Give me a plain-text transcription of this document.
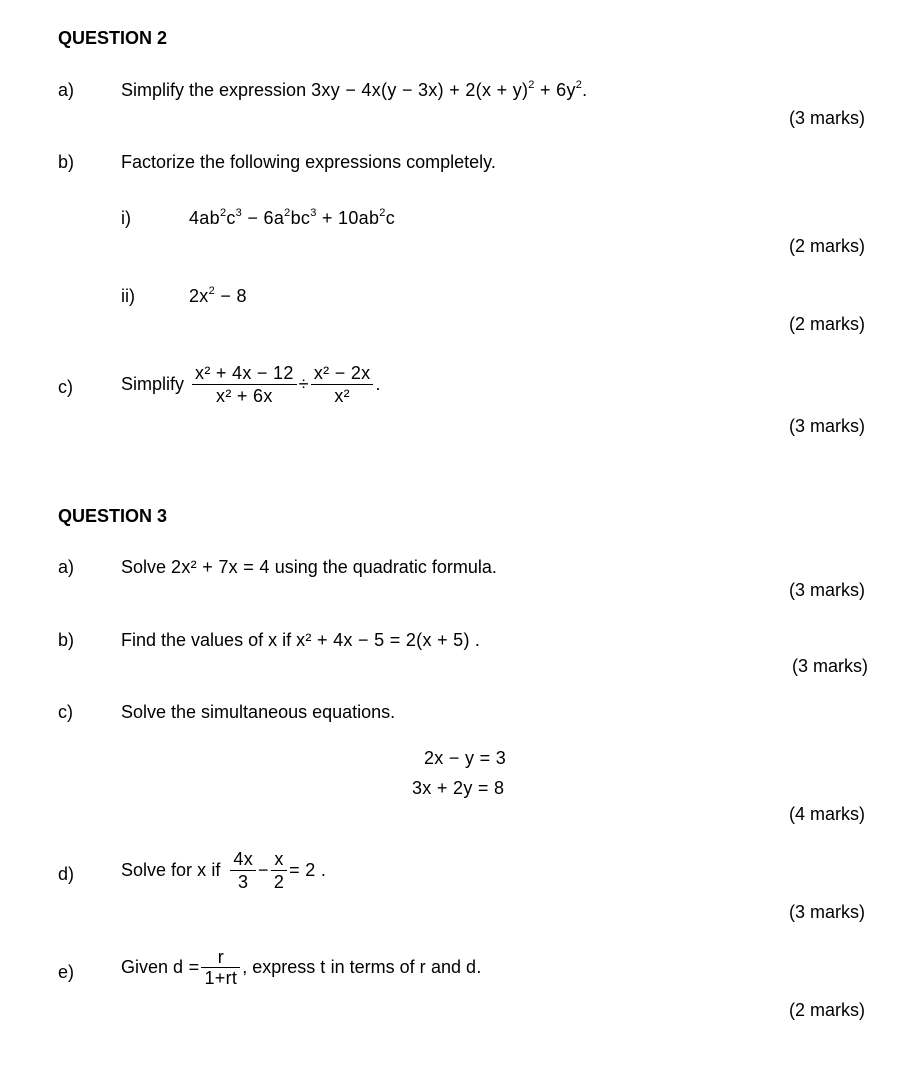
QUESTION 2
a)	Simplify the expression
$3xy - 4x(y - 3x) + 2(x + y)^2 + 6y^2$.
(3 marks)
b)	Factorize the following expressions completely.
i)	$4ab^2c^3 - 6a^2bc^3 + 10ab^2c$
(2 marks)
ii)	$2x^2 - 8$
(2 marks)
c)	Simplify $\frac{\text{x² + 4x − 12}}{\text{x² + 6x}} \div \frac{\text{x² − 2x}}{\text{x²}}$ .
(3 marks)
QUESTION 3
a)	Solve 2x² + 7x = 4 using the quadratic formula.
(3 marks)
b)	Find the values of x if x² + 4x − 5 = 2(x + 5) .
(3 marks)
c)	Solve the simultaneous equations.
2x − y = 3
3x + 2y = 8
(4 marks)
d)	Solve for
x
if $\frac{4x}{3} - \frac{x}{2} = 2$ .
(3 marks)
e)	Given
$d = \frac{r}{1+rt}$ , express
t
in terms of
r
and
d .
(2 marks)
